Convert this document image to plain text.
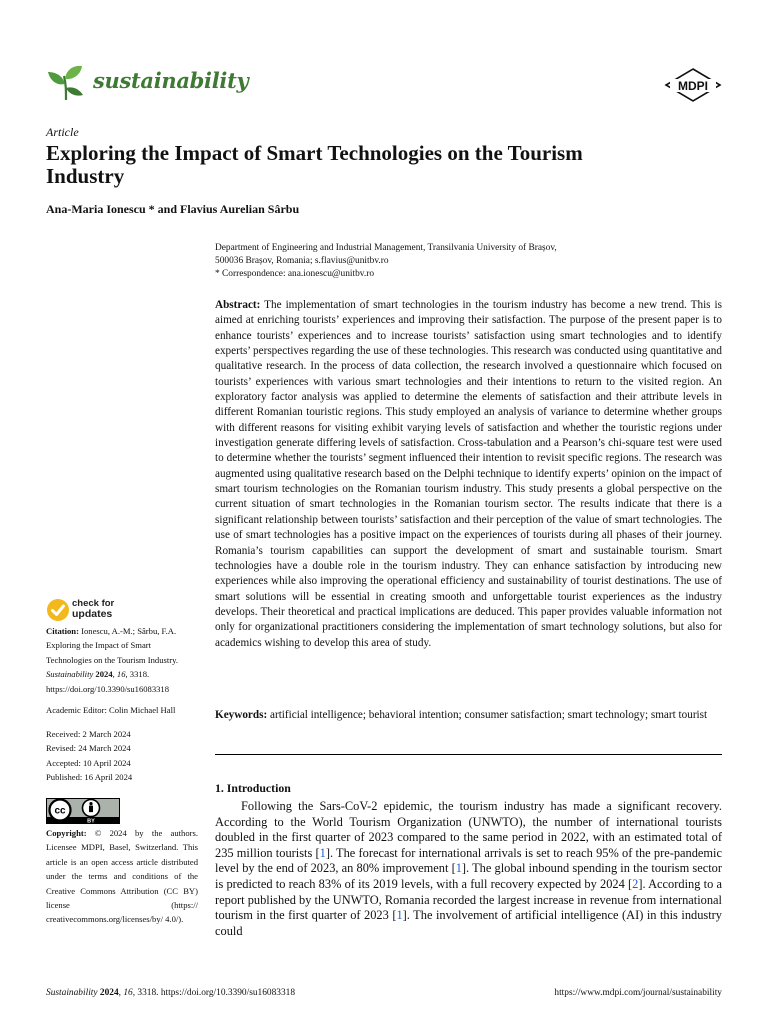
sustainability	MDPI
Article
Exploring the Impact of Smart Technologies on the Tourism Industry
Ana-Maria Ionescu * and Flavius Aurelian Sârbu
Department of Engineering and Industrial Management, Transilvania University of Brașov,
500036 Brașov, Romania; s.flavius@unitbv.ro
* Correspondence: ana.ionescu@unitbv.ro

Abstract: The implementation of smart technologies in the tourism industry has become a new trend. This is aimed at enriching tourists’ experiences and improving their satisfaction. The purpose of the present paper is to enhance tourists’ experiences and to increase tourists’ satisfaction using smart technologies and to identify experts’ perspectives regarding the use of these technologies. This research was conducted using quantitative and qualitative research. In the process of data collection, the research involved a questionnaire which focused on tourists’ experiences with various smart technologies and their intentions to return to the visited region. An exploratory factor analysis was applied to determine the elements of satisfaction and their attribute levels in different Romanian touristic regions. This study employed an analysis of variance to determine whether groups with different reasons for visiting exhibit varying levels of satisfaction and whether the touristic regions under investigation generate differing levels of satisfaction. Cross-tabulation and a Pearson’s chi-square test were used to determine whether the tourists’ segment influenced their intention to revisit specific regions. The research was augmented using qualitative research based on the Delphi technique to identify experts’ opinion on the impact of smart tourism technologies on the Romanian tourism industry. This study presents a global perspective on the current situation of smart technologies in the Romanian tourism sector. The results indicate that there is a significant relationship between tourists’ satisfaction and their perception of the value of smart technologies. The use of smart technologies has a positive impact on the experiences of tourists during all phases of their journey. Romania’s tourism capabilities can support the development of smart and sustainable tourism. Smart technologies have a double role in the tourism industry. They can enhance satisfaction by introducing new experiences while also improving the operational efficiency and sustainability of tourist destinations. The use of smart solutions will be essential in creating smooth and unforgettable tourist experiences as the industry develops. Their theoretical and practical implications are deduced. This paper provides valuable information not only for organizational practitioners considering the implementation of smart technology solutions, but also for academics wishing to develop this area of study.

Keywords: artificial intelligence; behavioral intention; consumer satisfaction; smart technology; smart tourist

1. Introduction

Following the Sars-CoV-2 epidemic, the tourism industry has made a significant recovery. According to the World Tourism Organization (UNWTO), the number of international tourists doubled in the first quarter of 2023 compared to the same period in 2022, with an estimated total of 235 million tourists [1]. The forecast for international arrivals is set to reach 95% of the pre-pandemic level by the end of 2023, an 80% improvement [1]. The global inbound spending in the tourism sector is predicted to reach 83% of its 2019 levels, with a full recovery expected by 2024 [2]. According to a report published by the UNWTO, Romania recorded the largest increase in revenue from international tourism in the first quarter of 2023 [1]. The involvement of artificial intelligence (AI) in this industry could

check for
updates

Citation: Ionescu, A.-M.; Sârbu, F.A. Exploring the Impact of Smart Technologies on the Tourism Industry. Sustainability 2024, 16, 3318. https://doi.org/10.3390/su16083318

Academic Editor: Colin Michael Hall
Received: 2 March 2024
Revised: 24 March 2024
Accepted: 10 April 2024
Published: 16 April 2024
cc
BY

Copyright: © 2024 by the authors. Licensee MDPI, Basel, Switzerland. This article is an open access article distributed under the terms and conditions of the Creative Commons Attribution (CC BY) license (https:// creativecommons.org/licenses/by/ 4.0/).

Sustainability 2024, 16, 3318. https://doi.org/10.3390/su16083318	https://www.mdpi.com/journal/sustainability
